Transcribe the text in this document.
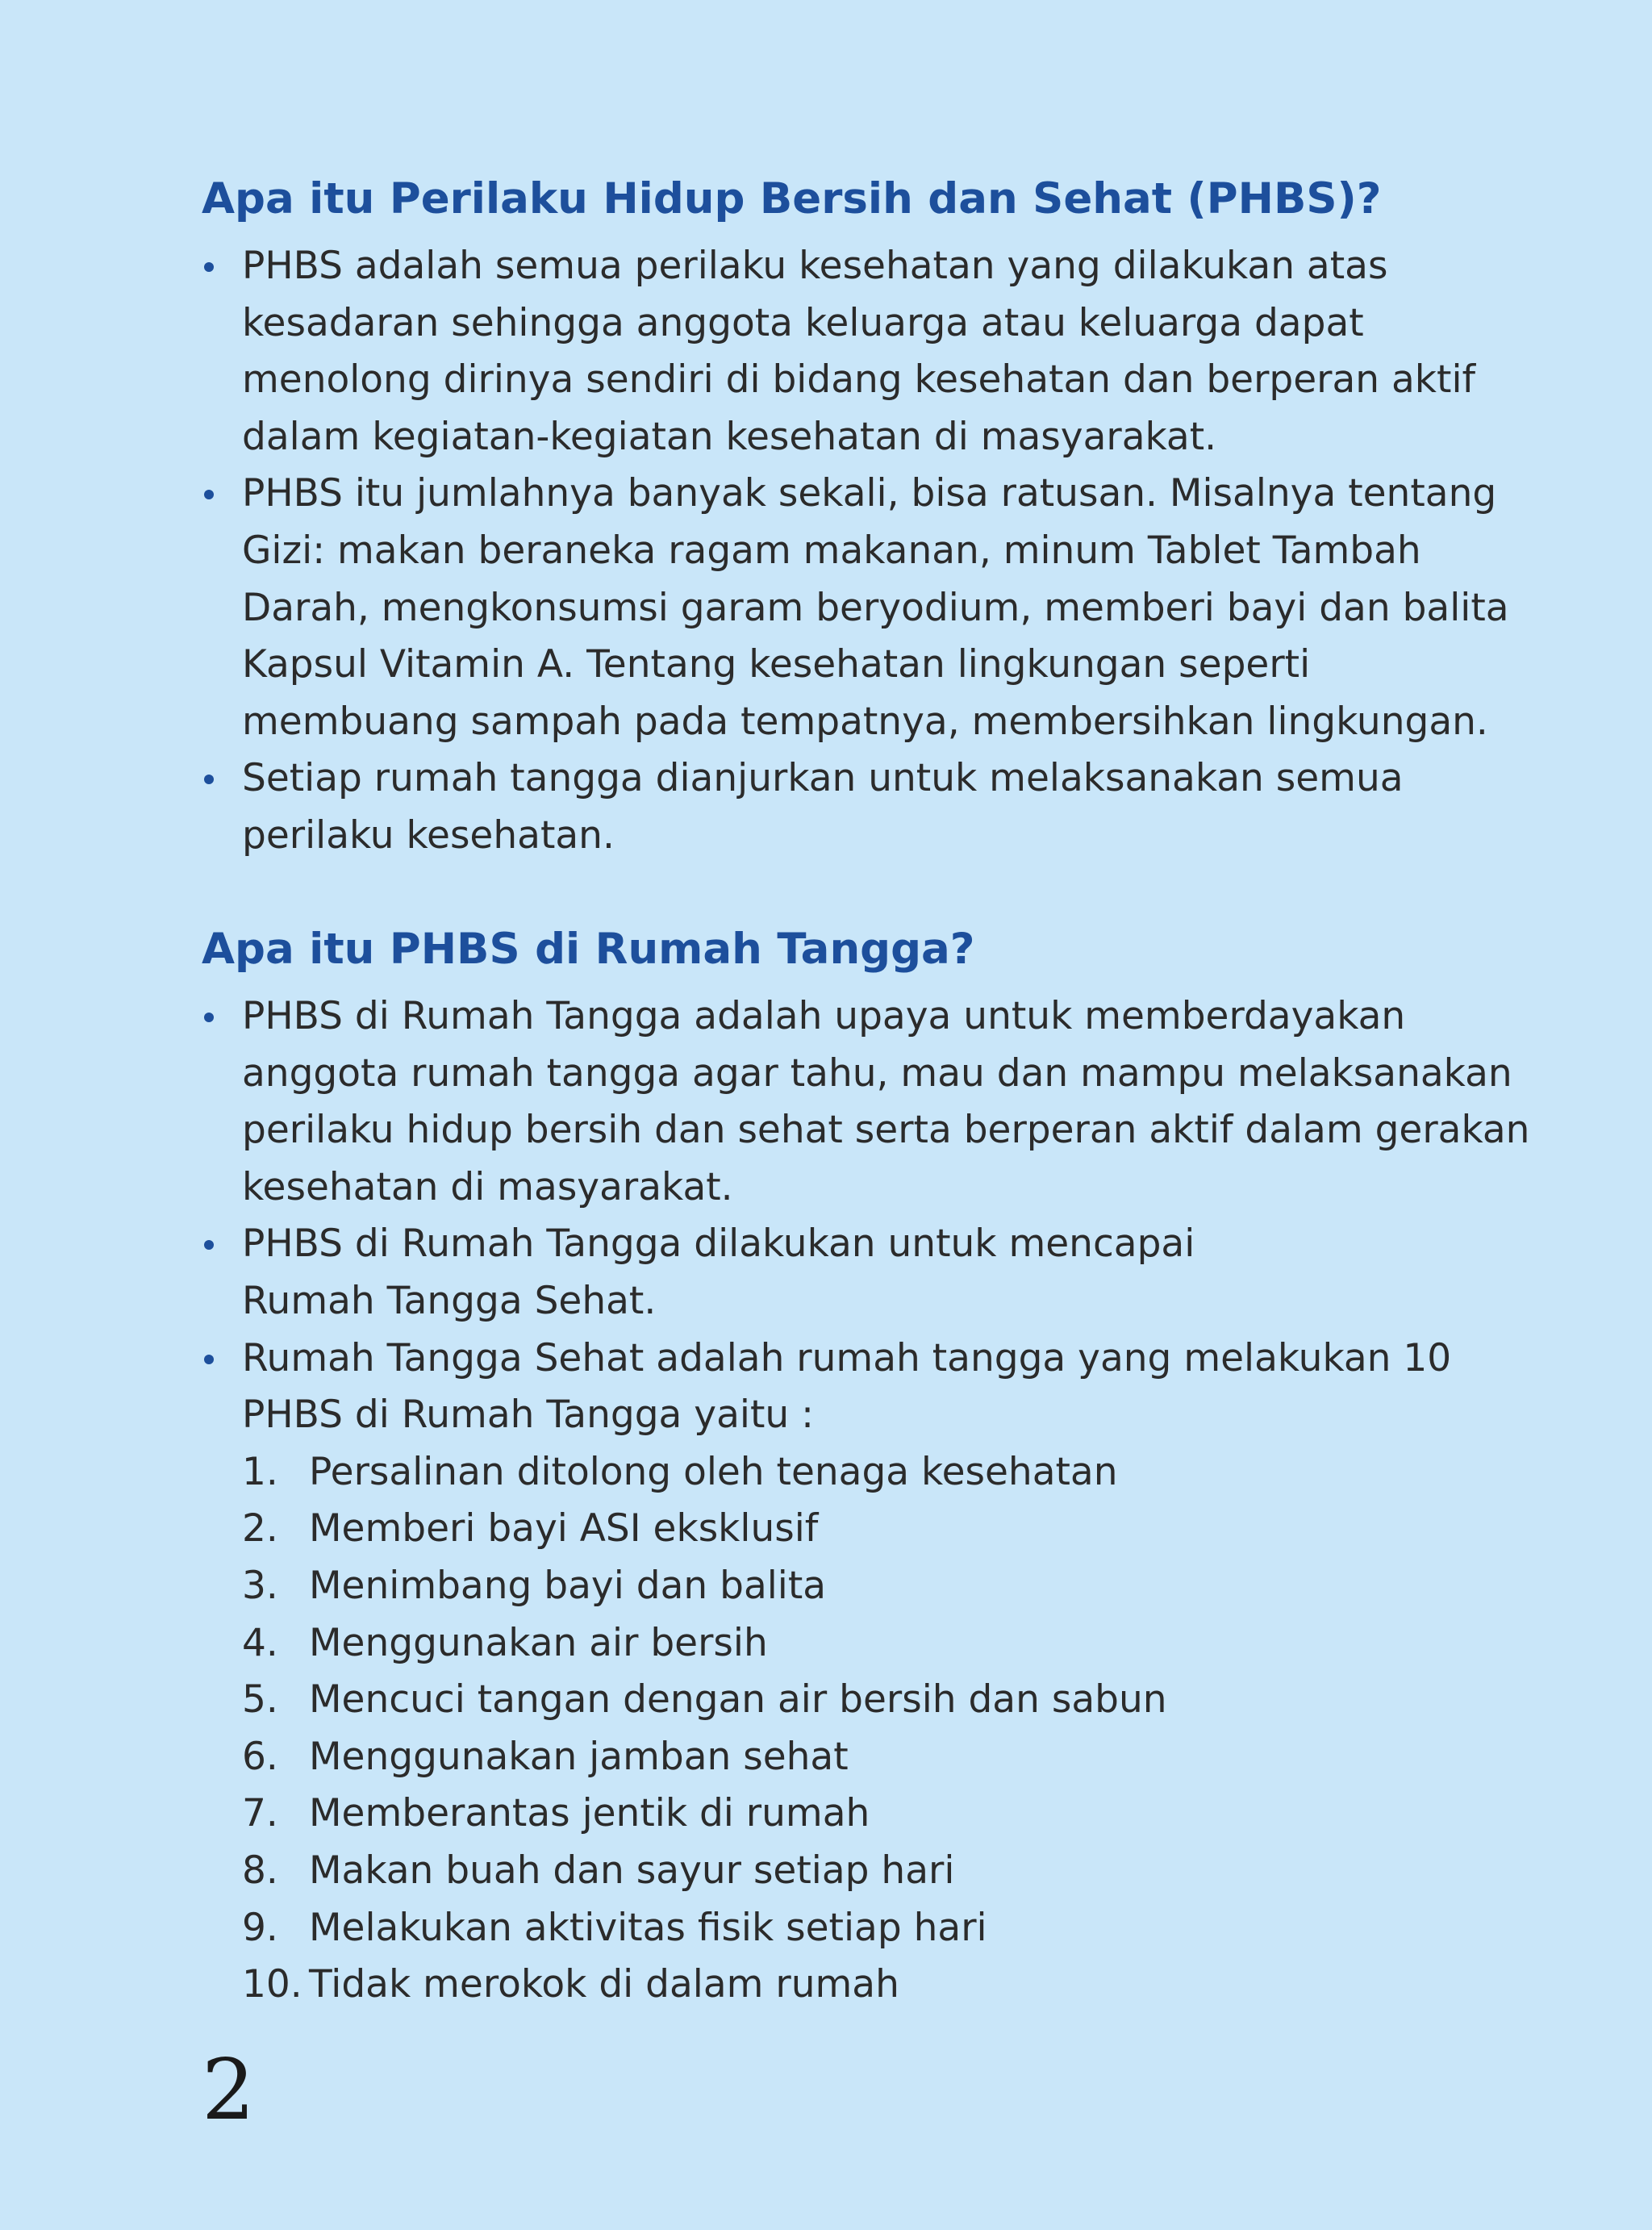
Apa itu Perilaku Hidup Bersih dan Sehat (PHBS)?
PHBS adalah semua perilaku kesehatan yang dilakukan atas
kesadaran sehingga anggota keluarga atau keluarga dapat
menolong dirinya sendiri di bidang kesehatan dan berperan aktif
dalam kegiatan-kegiatan kesehatan di masyarakat.
PHBS itu jumlahnya banyak sekali, bisa ratusan. Misalnya tentang
Gizi: makan beraneka ragam makanan, minum Tablet Tambah
Darah, mengkonsumsi garam beryodium, memberi bayi dan balita
Kapsul Vitamin A. Tentang kesehatan lingkungan seperti
membuang sampah pada tempatnya, membersihkan lingkungan.
Setiap rumah tangga dianjurkan untuk melaksanakan semua
perilaku kesehatan.
Apa itu PHBS di Rumah Tangga?
PHBS di Rumah Tangga adalah upaya untuk memberdayakan
anggota rumah tangga agar tahu, mau dan mampu melaksanakan
perilaku hidup bersih dan sehat serta berperan aktif dalam gerakan
kesehatan di masyarakat.
PHBS di Rumah Tangga dilakukan untuk mencapai
Rumah Tangga Sehat.
Rumah Tangga Sehat adalah rumah tangga yang melakukan 10
PHBS di Rumah Tangga yaitu :
1. Persalinan ditolong oleh tenaga kesehatan
2. Memberi bayi ASI eksklusif
3. Menimbang bayi dan balita
4. Menggunakan air bersih
5. Mencuci tangan dengan air bersih dan sabun
6. Menggunakan jamban sehat
7. Memberantas jentik di rumah
8. Makan buah dan sayur setiap hari
9. Melakukan aktivitas fisik setiap hari
10. Tidak merokok di dalam rumah
2
